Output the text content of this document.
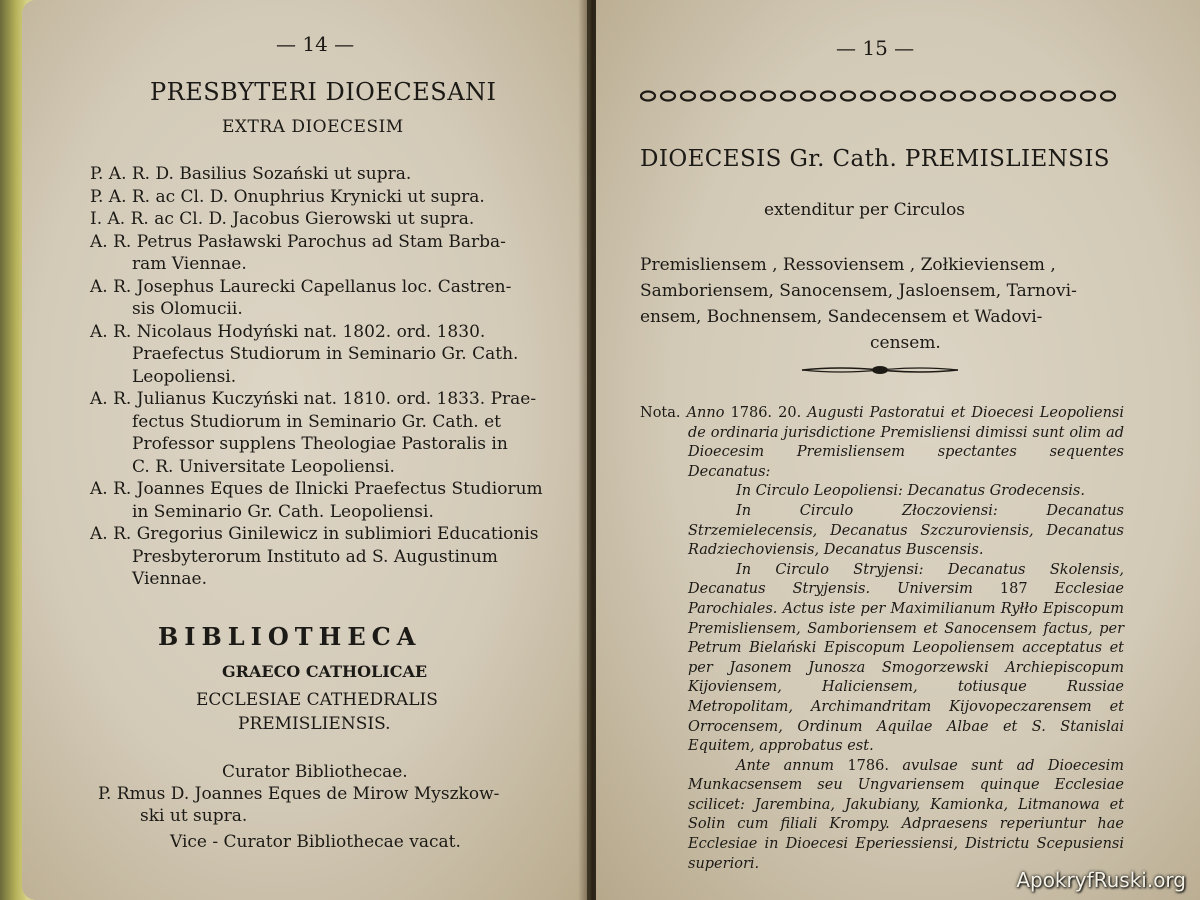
— 14 —
PRESBYTERI DIOECESANI
EXTRA DIOECESIM
P. A. R. D. Basilius Sozański ut supra.
P. A. R. ac Cl. D. Onuphrius Krynicki ut supra.
I. A. R. ac Cl. D. Jacobus Gierowski ut supra.
A. R. Petrus Pasławski Parochus ad Stam Barba-
ram Viennae.
A. R. Josephus Laurecki Capellanus loc. Castren-
sis Olomucii.
A. R. Nicolaus Hodyński nat. 1802. ord. 1830.
Praefectus Studiorum in Seminario Gr. Cath.
Leopoliensi.
A. R. Julianus Kuczyński nat. 1810. ord. 1833. Prae-
fectus Studiorum in Seminario Gr. Cath. et
Professor supplens Theologiae Pastoralis in
C. R. Universitate Leopoliensi.
A. R. Joannes Eques de Ilnicki Praefectus Studiorum
in Seminario Gr. Cath. Leopoliensi.
A. R. Gregorius Ginilewicz in sublimiori Educationis
Presbyterorum Instituto ad S. Augustinum
Viennae.
BIBLIOTHECA
GRAECO CATHOLICAE
ECCLESIAE CATHEDRALIS
PREMISLIENSIS.
Curator Bibliothecae.
P. Rmus D. Joannes Eques de Mirow Myszkow-
ski ut supra.
Vice - Curator Bibliothecae vacat.
— 15 —
DIOECESIS Gr. Cath. PREMISLIENSIS
extenditur per Circulos
Premisliensem , Ressoviensem , Zołkieviensem ,
Samboriensem, Sanocensem, Jasloensem, Tarnovi-
ensem, Bochnensem, Sandecensem et Wadovi-
censem.

Nota. Anno 1786. 20. Augusti Pastoratui et Dioecesi Leopoliensi de ordinaria jurisdictione Premisliensi dimissi sunt olim ad Dioecesim Premisliensem spectantes sequentes Decanatus:

In Circulo Leopoliensi: Decanatus Grodecensis.

In Circulo Złoczoviensi: Decanatus Strzemielecensis, Decanatus Szczuroviensis, Decanatus Radziechoviensis, Decanatus Buscensis.

In Circulo Stryjensi: Decanatus Skolensis, Decanatus Stryjensis. Universim 187 Ecclesiae Parochiales. Actus iste per Maximilianum Ryłło Episcopum Premisliensem, Samboriensem et Sanocensem factus, per Petrum Bielański Episcopum Leopoliensem acceptatus et per Jasonem Junosza Smogorzewski Archiepiscopum Kijoviensem, Haliciensem, totiusque Russiae Metropolitam, Archimandritam Kijovopeczarensem et Orrocensem, Ordinum Aquilae Albae et S. Stanislai Equitem, approbatus est.

Ante annum 1786. avulsae sunt ad Dioecesim Munkacsensem seu Ungvariensem quinque Ecclesiae scilicet: Jarembina, Jakubiany, Kamionka, Litmanowa et Solin cum filiali Krompy. Adpraesens reperiuntur hae Ecclesiae in Dioecesi Eperiessiensi, Districtu Scepusiensi superiori.

ApokryfRuski.org
